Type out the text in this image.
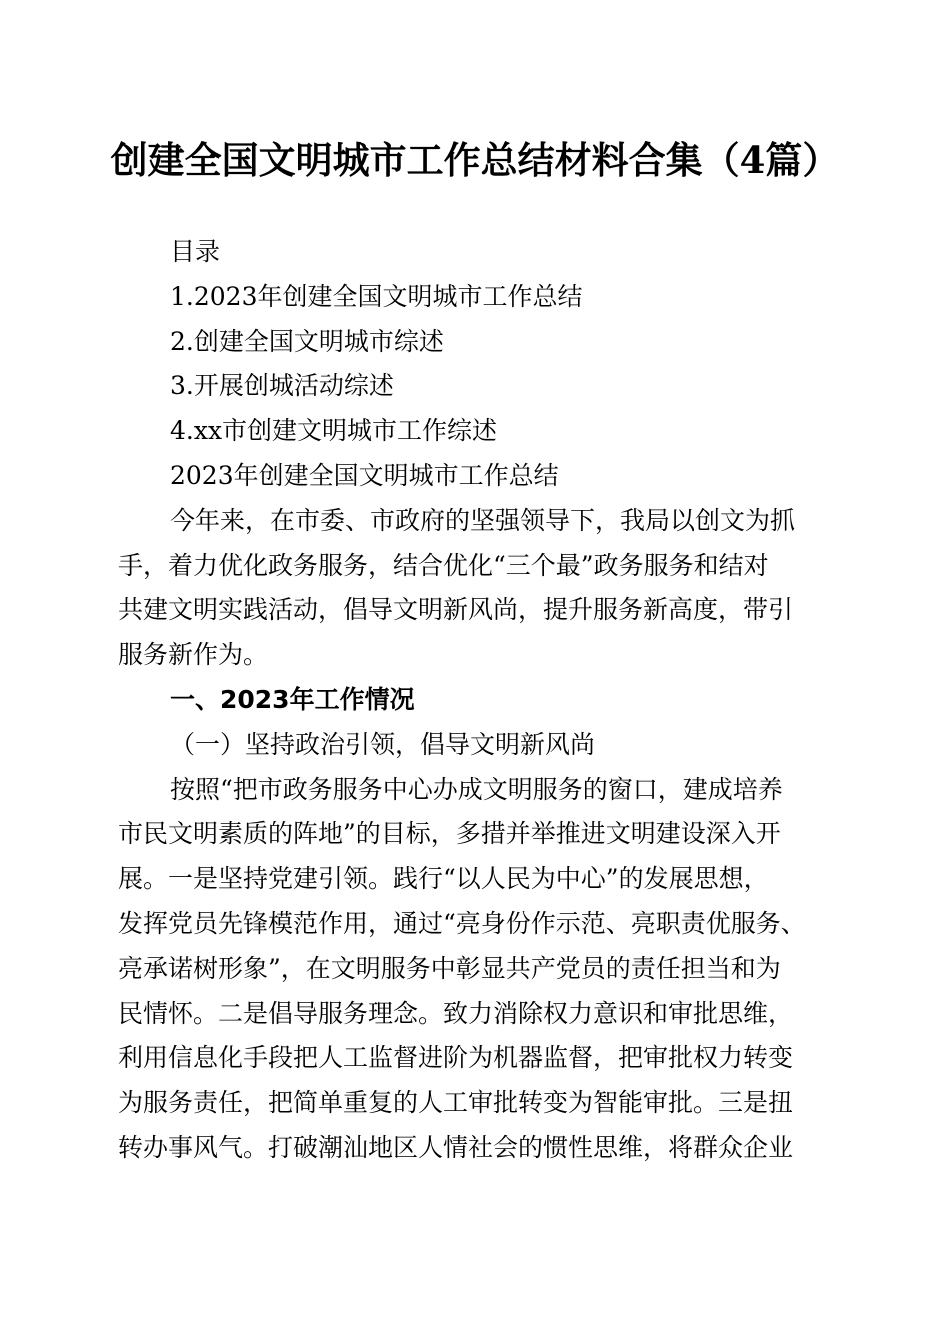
创建全国文明城市工作总结材料合集（4篇）
目录
1.2023年创建全国文明城市工作总结
2.创建全国文明城市综述
3.开展创城活动综述
4.xx市创建文明城市工作综述
2023年创建全国文明城市工作总结
今年来，在市委、市政府的坚强领导下，我局以创文为抓
手，着力优化政务服务，结合优化“三个最”政务服务和结对
共建文明实践活动，倡导文明新风尚，提升服务新高度，带引
服务新作为。
一、2023年工作情况
（一）坚持政治引领，倡导文明新风尚
按照“把市政务服务中心办成文明服务的窗口，建成培养
市民文明素质的阵地”的目标，多措并举推进文明建设深入开
展。一是坚持党建引领。践行“以人民为中心”的发展思想，
发挥党员先锋模范作用，通过“亮身份作示范、亮职责优服务、
亮承诺树形象”，在文明服务中彰显共产党员的责任担当和为
民情怀。二是倡导服务理念。致力消除权力意识和审批思维，
利用信息化手段把人工监督进阶为机器监督，把审批权力转变
为服务责任，把简单重复的人工审批转变为智能审批。三是扭
转办事风气。打破潮汕地区人情社会的惯性思维，将群众企业
